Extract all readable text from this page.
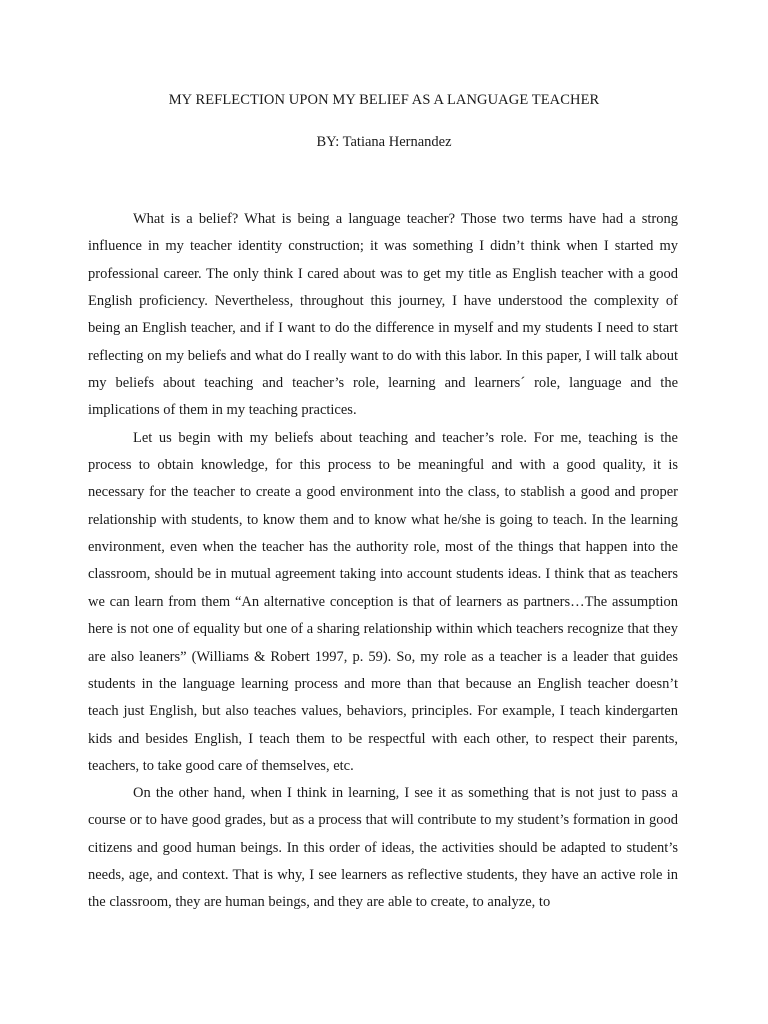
MY REFLECTION UPON MY BELIEF AS A LANGUAGE TEACHER
BY: Tatiana Hernandez

What is a belief? What is being a language teacher? Those two terms have had a strong influence in my teacher identity construction; it was something I didn’t think when I started my professional career. The only think I cared about was to get my title as English teacher with a good English proficiency. Nevertheless, throughout this journey, I have understood the complexity of being an English teacher, and if I want to do the difference in myself and my students I need to start reflecting on my beliefs and what do I really want to do with this labor. In this paper, I will talk about my beliefs about teaching and teacher’s role, learning and learners´ role, language and the implications of them in my teaching practices.

Let us begin with my beliefs about teaching and teacher’s role. For me, teaching is the process to obtain knowledge, for this process to be meaningful and with a good quality, it is necessary for the teacher to create a good environment into the class, to stablish a good and proper relationship with students, to know them and to know what he/she is going to teach. In the learning environment, even when the teacher has the authority role, most of the things that happen into the classroom, should be in mutual agreement taking into account students ideas. I think that as teachers we can learn from them “An alternative conception is that of learners as partners…The assumption here is not one of equality but one of a sharing relationship within which teachers recognize that they are also leaners” (Williams & Robert 1997, p. 59). So, my role as a teacher is a leader that guides students in the language learning process and more than that because an English teacher doesn’t teach just English, but also teaches values, behaviors, principles. For example, I teach kindergarten kids and besides English, I teach them to be respectful with each other, to respect their parents, teachers, to take good care of themselves, etc.

On the other hand, when I think in learning, I see it as something that is not just to pass a course or to have good grades, but as a process that will contribute to my student’s formation in good citizens and good human beings. In this order of ideas, the activities should be adapted to student’s needs, age, and context. That is why, I see learners as reflective students, they have an active role in the classroom, they are human beings, and they are able to create, to analyze, to
